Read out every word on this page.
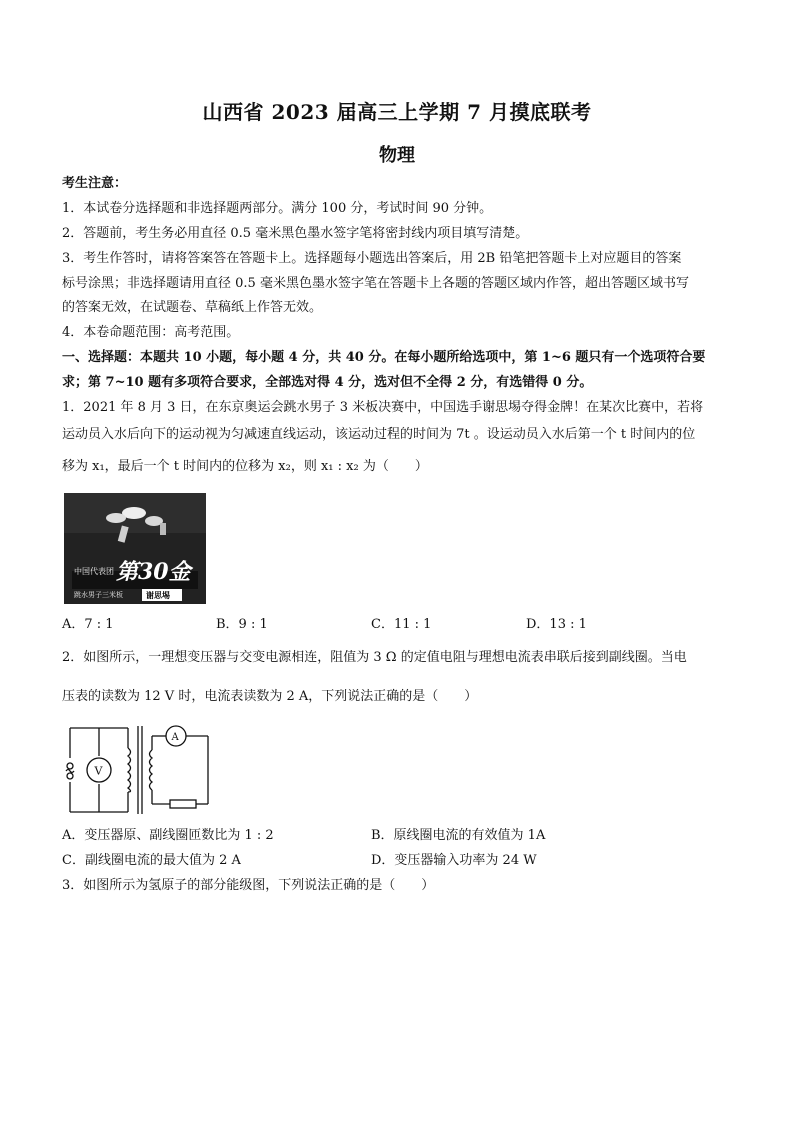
山西省 2023 届高三上学期 7 月摸底联考
物理
考生注意：
1．本试卷分选择题和非选择题两部分。满分 100 分，考试时间 90 分钟。
2．答题前，考生务必用直径 0.5 毫米黑色墨水签字笔将密封线内项目填写清楚。
3．考生作答时，请将答案答在答题卡上。选择题每小题选出答案后，用 2B 铅笔把答题卡上对应题目的答案
标号涂黑；非选择题请用直径 0.5 毫米黑色墨水签字笔在答题卡上各题的答题区域内作答，超出答题区域书写
的答案无效，在试题卷、草稿纸上作答无效。
4．本卷命题范围：高考范围。
一、选择题：本题共 10 小题，每小题 4 分，共 40 分。在每小题所给选项中，第 1~6 题只有一个选项符合要
求；第 7~10 题有多项符合要求，全部选对得 4 分，选对但不全得 2 分，有选错得 0 分。
1．2021 年 8 月 3 日，在东京奥运会跳水男子 3 米板决赛中，中国选手谢思埸夺得金牌！在某次比赛中，若将
运动员入水后向下的运动视为匀减速直线运动，该运动过程的时间为 7t 。设运动员入水后第一个 t 时间内的位
移为 x₁，最后一个 t 时间内的位移为 x₂，则 x₁ : x₂ 为（　　）
中国代表团 第30金
跳水男子三米板	谢思埸
A．7 : 1	B．9 : 1	C．11 : 1	D．13 : 1
2．如图所示，一理想变压器与交变电源相连，阻值为 3 Ω 的定值电阻与理想电流表串联后接到副线圈。当电
压表的读数为 12 V 时，电流表读数为 2 A，下列说法正确的是（　　）
V
A
A．变压器原、副线圈匝数比为 1 : 2	B．原线圈电流的有效值为 1A
C．副线圈电流的最大值为 2 A	D．变压器输入功率为 24 W
3．如图所示为氢原子的部分能级图，下列说法正确的是（　　）
